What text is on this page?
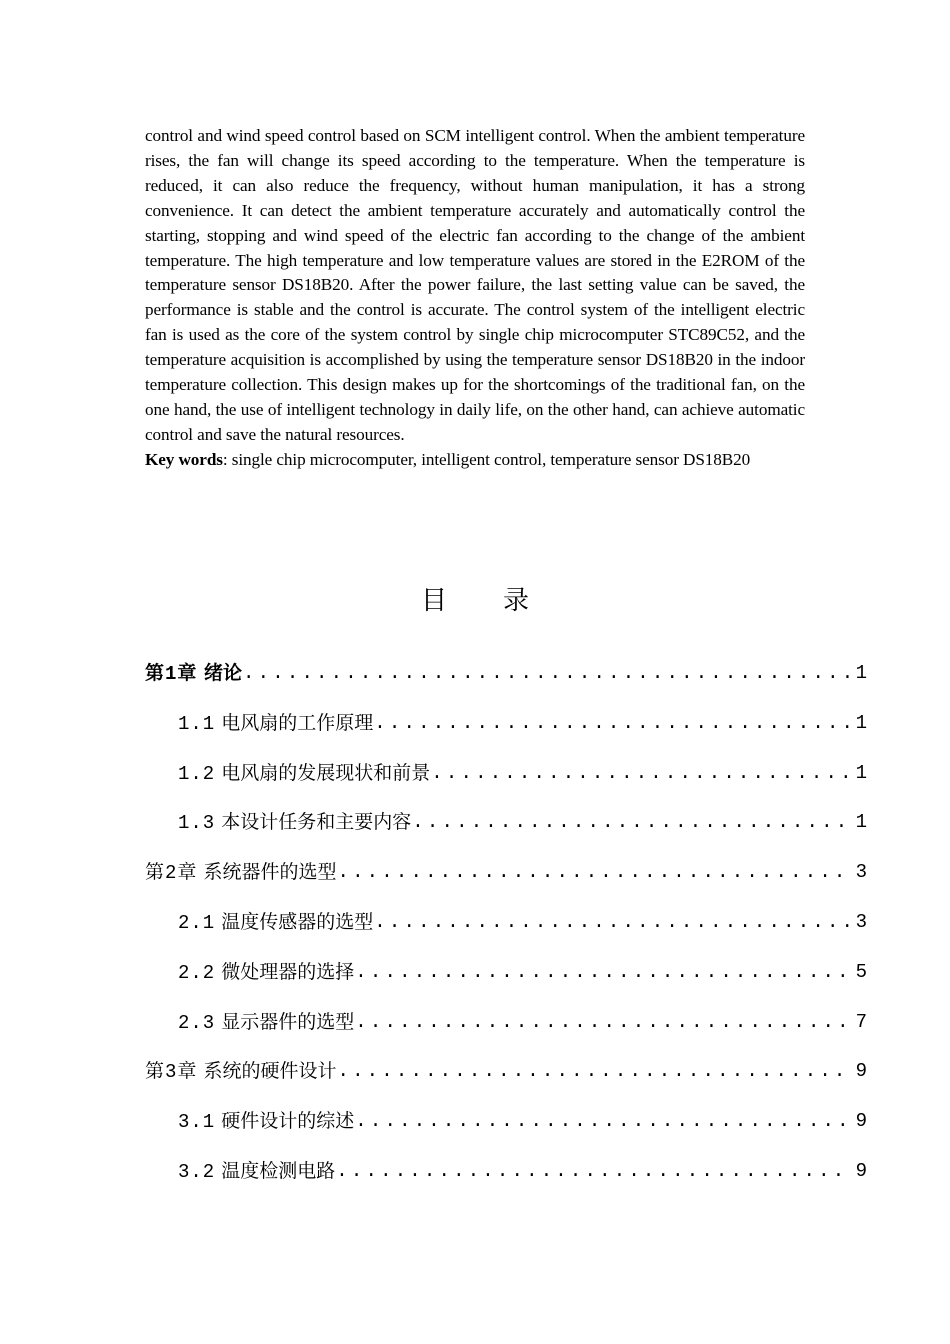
control and wind speed control based on SCM intelligent control. When the ambient temperature rises, the fan will change its speed according to the temperature. When the temperature is reduced, it can also reduce the frequency, without human manipulation, it has a strong convenience. It can detect the ambient temperature accurately and automatically control the starting, stopping and wind speed of the electric fan according to the change of the ambient temperature. The high temperature and low temperature values are stored in the E2ROM of the temperature sensor DS18B20. After the power failure, the last setting value can be saved, the performance is stable and the control is accurate. The control system of the intelligent electric fan is used as the core of the system control by single chip microcomputer STC89C52, and the temperature acquisition is accomplished by using the temperature sensor DS18B20 in the indoor temperature collection. This design makes up for the shortcomings of the traditional fan, on the one hand, the use of intelligent technology in daily life, on the other hand, can achieve automatic control and save the natural resources.

Key words: single chip microcomputer, intelligent control, temperature sensor DS18B20

目录
第1章 绪论 .....	1
1.1 电风扇的工作原理 .....	1
1.2 电风扇的发展现状和前景 .....	1
1.3 本设计任务和主要内容 .....	1
第2章 系统器件的选型 .....	3
2.1 温度传感器的选型 .....	3
2.2 微处理器的选择 .....	5
2.3 显示器件的选型 .....	7
第3章 系统的硬件设计 .....	9
3.1 硬件设计的综述 .....	9
3.2 温度检测电路 .....	9
